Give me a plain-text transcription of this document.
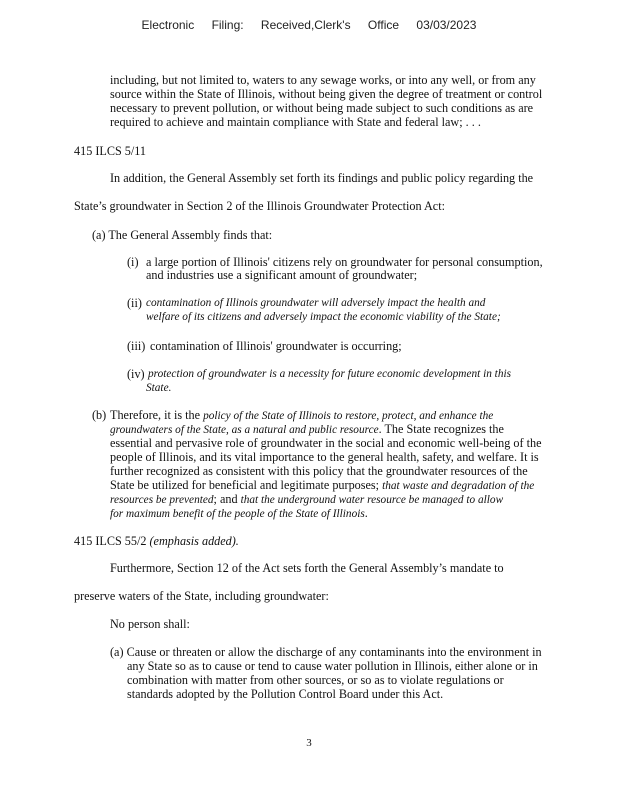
Electronic Filing: Received,Clerk's Office 03/03/2023
including, but not limited to, waters to any sewage works, or into any well, or from any
source within the State of Illinois, without being given the degree of treatment or control
necessary to prevent pollution, or without being made subject to such conditions as are
required to achieve and maintain compliance with State and federal law; . . .
415 ILCS 5/11
In addition, the General Assembly set forth its findings and public policy regarding the
State’s groundwater in Section 2 of the Illinois Groundwater Protection Act:
(a) The General Assembly finds that:
(i) a large portion of Illinois' citizens rely on groundwater for personal consumption,
and industries use a significant amount of groundwater;
(ii) contamination of Illinois groundwater will adversely impact the health and
welfare of its citizens and adversely impact the economic viability of the State;
(iii) contamination of Illinois' groundwater is occurring;
(iv) protection of groundwater is a necessity for future economic development in this
State.
(b) Therefore, it is the policy of the State of Illinois to restore, protect, and enhance the
groundwaters of the State, as a natural and public resource. The State recognizes the
essential and pervasive role of groundwater in the social and economic well-being of the
people of Illinois, and its vital importance to the general health, safety, and welfare. It is
further recognized as consistent with this policy that the groundwater resources of the
State be utilized for beneficial and legitimate purposes; that waste and degradation of the
resources be prevented; and that the underground water resource be managed to allow
for maximum benefit of the people of the State of Illinois.
415 ILCS 55/2 (emphasis added).
Furthermore, Section 12 of the Act sets forth the General Assembly’s mandate to
preserve waters of the State, including groundwater:
No person shall:
(a) Cause or threaten or allow the discharge of any contaminants into the environment in
any State so as to cause or tend to cause water pollution in Illinois, either alone or in
combination with matter from other sources, or so as to violate regulations or
standards adopted by the Pollution Control Board under this Act.
3
